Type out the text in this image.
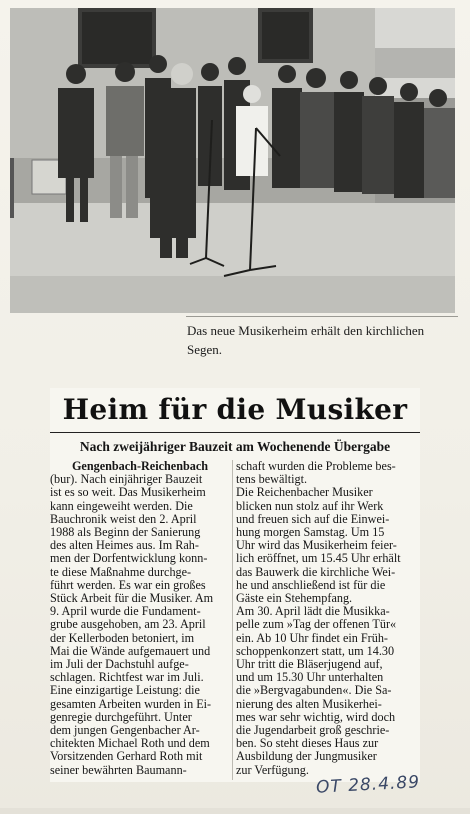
Das neue Musikerheim erhält den kirchlichen Segen.
Heim für die Musiker
Nach zweijähriger Bauzeit am Wochenende Übergabe
Gengenbach-Reichenbach

(bur). Nach einjähriger Bauzeit
ist es so weit. Das Musikerheim
kann eingeweiht werden. Die
Bauchronik weist den 2. April
1988 als Beginn der Sanierung
des alten Heimes aus. Im Rah-
men der Dorfentwicklung konn-
te diese Maßnahme durchge-
führt werden. Es war ein großes
Stück Arbeit für die Musiker. Am
9. April wurde die Fundament-
grube ausgehoben, am 23. April
der Kellerboden betoniert, im
Mai die Wände aufgemauert und
im Juli der Dachstuhl aufge-
schlagen. Richtfest war im Juli.
Eine einzigartige Leistung: die
gesamten Arbeiten wurden in Ei-
genregie durchgeführt. Unter
dem jungen Gengenbacher Ar-
chitekten Michael Roth und dem
Vorsitzenden Gerhard Roth mit
seiner bewährten Baumann-

schaft wurden die Probleme bes-
tens bewältigt.
Die Reichenbacher Musiker
blicken nun stolz auf ihr Werk
und freuen sich auf die Einwei-
hung morgen Samstag. Um 15
Uhr wird das Musikerheim feier-
lich eröffnet, um 15.45 Uhr erhält
das Bauwerk die kirchliche Wei-
he und anschließend ist für die
Gäste ein Stehempfang.
Am 30. April lädt die Musikka-
pelle zum »Tag der offenen Tür«
ein. Ab 10 Uhr findet ein Früh-
schoppenkonzert statt, um 14.30
Uhr tritt die Bläserjugend auf,
und um 15.30 Uhr unterhalten
die »Bergvagabunden«. Die Sa-
nierung des alten Musikerhei-
mes war sehr wichtig, wird doch
die Jugendarbeit groß geschrie-
ben. So steht dieses Haus zur
Ausbildung der Jungmusiker
zur Verfügung.

OT 28.4.89
